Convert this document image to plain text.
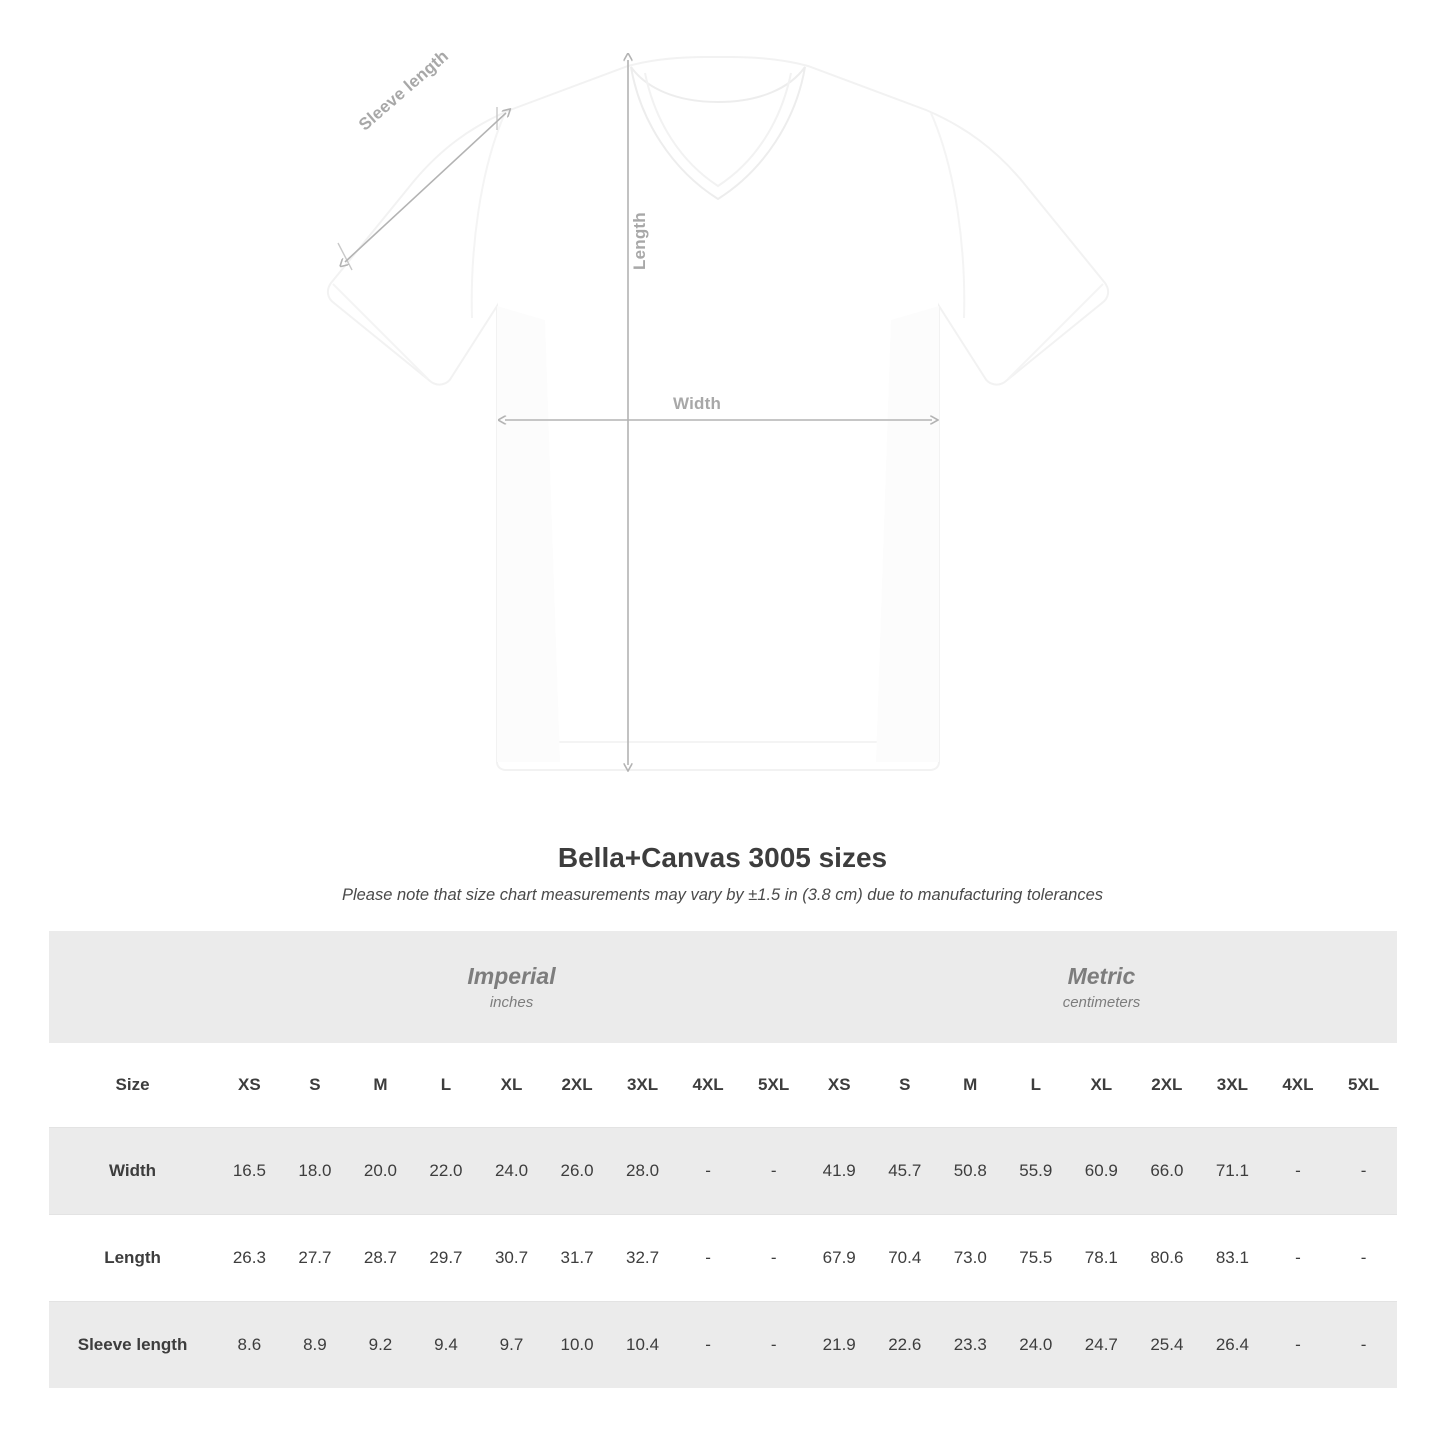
Sleeve length
Length
Width
Bella+Canvas 3005 sizes

Please note that size chart measurements may vary by ±1.5 in (3.8 cm) due to manufacturing tolerances

Imperial
inches

Metric
centimeters

Size	XS	S	M	L	XL	2XL	3XL	4XL	5XL	XS	S	M	L	XL	2XL	3XL	4XL	5XL
Width	16.5	18.0	20.0	22.0	24.0	26.0	28.0	-	-	41.9	45.7	50.8	55.9	60.9	66.0	71.1	-	-
Length	26.3	27.7	28.7	29.7	30.7	31.7	32.7	-	-	67.9	70.4	73.0	75.5	78.1	80.6	83.1	-	-
Sleeve length	8.6	8.9	9.2	9.4	9.7	10.0	10.4	-	-	21.9	22.6	23.3	24.0	24.7	25.4	26.4	-	-
